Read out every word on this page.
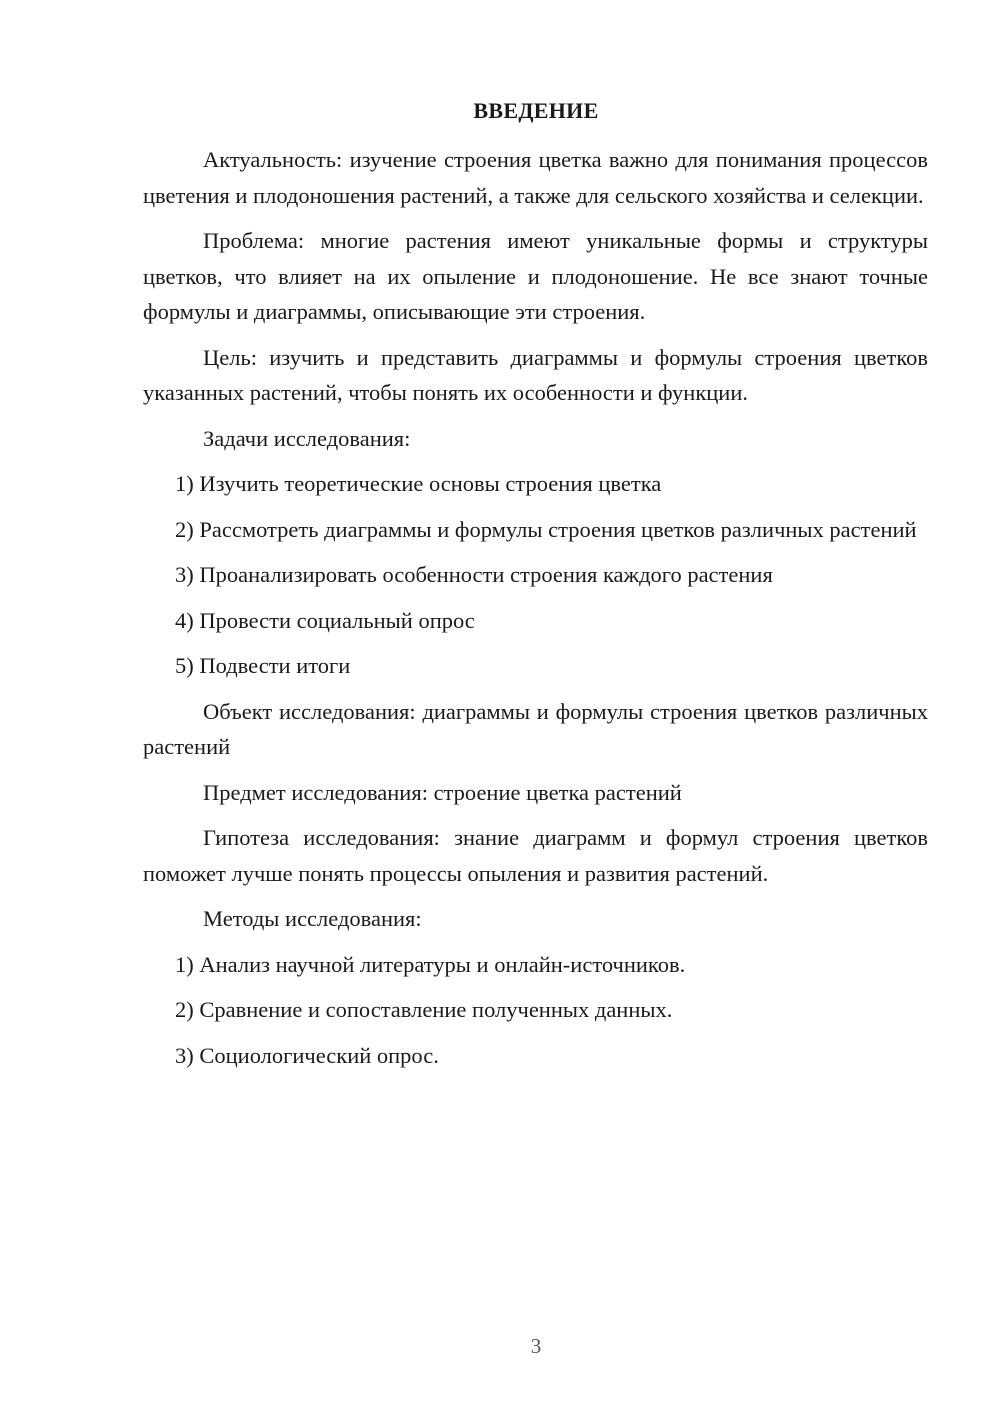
ВВЕДЕНИЕ

Актуальность: изучение строения цветка важно для понимания процессов цветения и плодоношения растений, а также для сельского хозяйства и селекции.

Проблема: многие растения имеют уникальные формы и структуры цветков, что влияет на их опыление и плодоношение. Не все знают точные формулы и диаграммы, описывающие эти строения.

Цель: изучить и представить диаграммы и формулы строения цветков указанных растений, чтобы понять их особенности и функции.

Задачи исследования:

1) Изучить теоретические основы строения цветка

2) Рассмотреть диаграммы и формулы строения цветков различных растений

3) Проанализировать особенности строения каждого растения

4) Провести социальный опрос

5) Подвести итоги

Объект исследования: диаграммы и формулы строения цветков различных растений

Предмет исследования: строение цветка растений

Гипотеза исследования: знание диаграмм и формул строения цветков поможет лучше понять процессы опыления и развития растений.

Методы исследования:

1) Анализ научной литературы и онлайн-источников.

2) Сравнение и сопоставление полученных данных.

3) Социологический опрос.

3
